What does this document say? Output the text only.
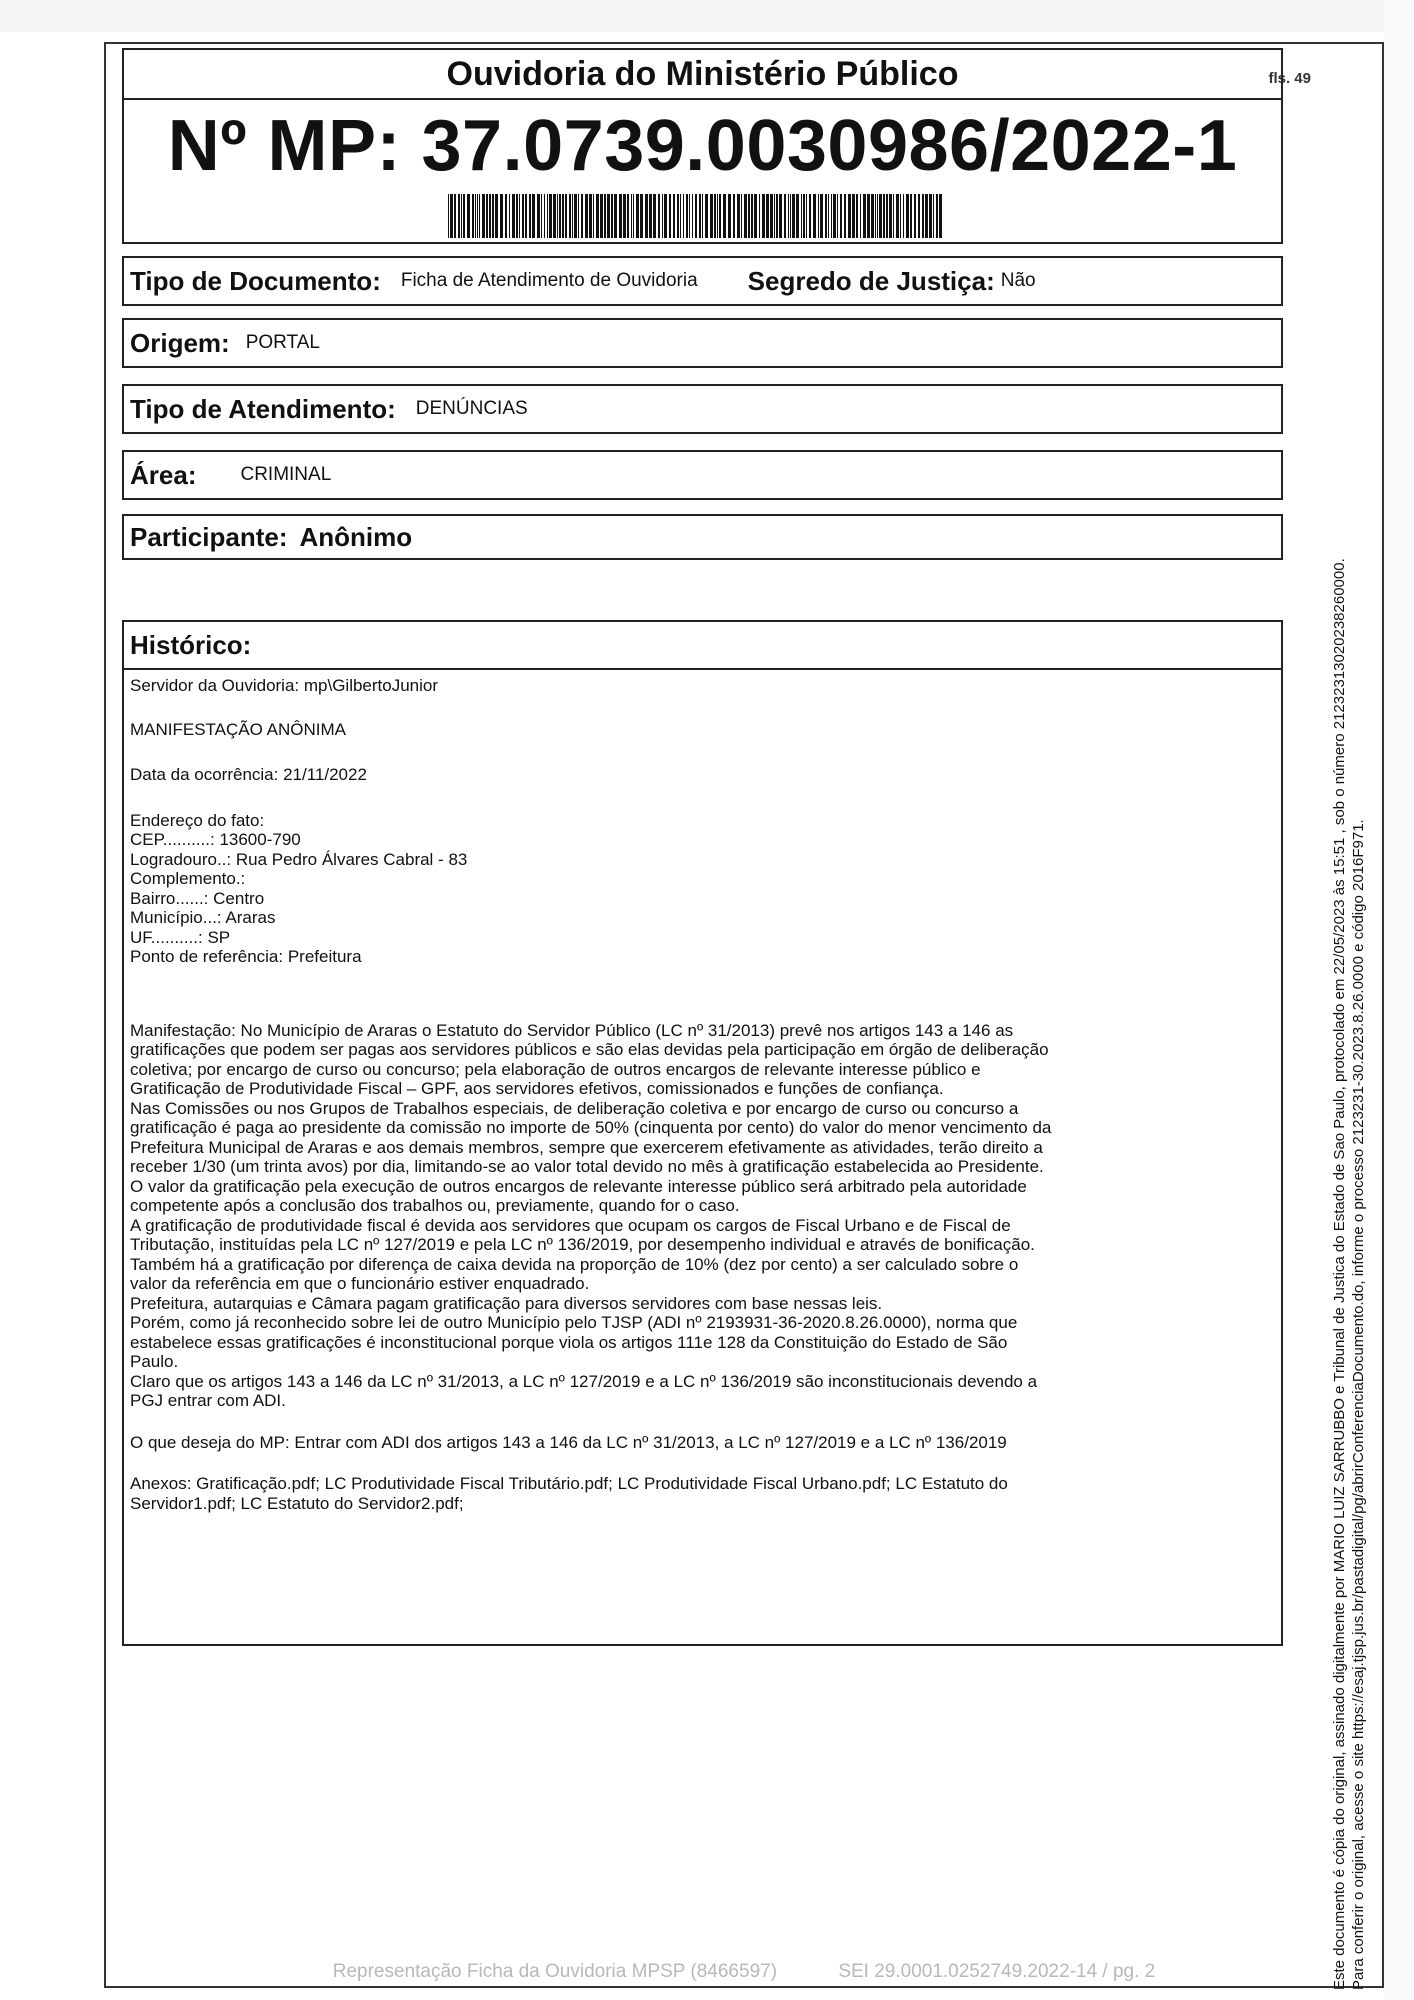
Ouvidoria do Ministério Público	fls. 49
Nº MP: 37.0739.0030986/2022-1
Tipo de Documento: Ficha de Atendimento de Ouvidoria Segredo de Justiça: Não
Origem: PORTAL
Tipo de Atendimento: DENÚNCIAS
Área: CRIMINAL
Participante: Anônimo
Histórico:

Servidor da Ouvidoria: mp\GilbertoJunior

MANIFESTAÇÃO ANÔNIMA

Data da ocorrência: 21/11/2022

Endereço do fato:
CEP..........: 13600-790
Logradouro..: Rua Pedro Álvares Cabral - 83
Complemento.:
Bairro......: Centro
Município...: Araras
UF..........: SP
Ponto de referência: Prefeitura
Manifestação: No Município de Araras o Estatuto do Servidor Público (LC nº 31/2013) prevê nos artigos 143 a 146 as
gratificações que podem ser pagas aos servidores públicos e são elas devidas pela participação em órgão de deliberação
coletiva; por encargo de curso ou concurso; pela elaboração de outros encargos de relevante interesse público e
Gratificação de Produtividade Fiscal – GPF, aos servidores efetivos, comissionados e funções de confiança.
Nas Comissões ou nos Grupos de Trabalhos especiais, de deliberação coletiva e por encargo de curso ou concurso a
gratificação é paga ao presidente da comissão no importe de 50% (cinquenta por cento) do valor do menor vencimento da
Prefeitura Municipal de Araras e aos demais membros, sempre que exercerem efetivamente as atividades, terão direito a
receber 1/30 (um trinta avos) por dia, limitando-se ao valor total devido no mês à gratificação estabelecida ao Presidente.
O valor da gratificação pela execução de outros encargos de relevante interesse público será arbitrado pela autoridade
competente após a conclusão dos trabalhos ou, previamente, quando for o caso.
A gratificação de produtividade fiscal é devida aos servidores que ocupam os cargos de Fiscal Urbano e de Fiscal de
Tributação, instituídas pela LC nº 127/2019 e pela LC nº 136/2019, por desempenho individual e através de bonificação.
Também há a gratificação por diferença de caixa devida na proporção de 10% (dez por cento) a ser calculado sobre o
valor da referência em que o funcionário estiver enquadrado.
Prefeitura, autarquias e Câmara pagam gratificação para diversos servidores com base nessas leis.
Porém, como já reconhecido sobre lei de outro Município pelo TJSP (ADI nº 2193931-36-2020.8.26.0000), norma que
estabelece essas gratificações é inconstitucional porque viola os artigos 111e 128 da Constituição do Estado de São
Paulo.
Claro que os artigos 143 a 146 da LC nº 31/2013, a LC nº 127/2019 e a LC nº 136/2019 são inconstitucionais devendo a
PGJ entrar com ADI.

O que deseja do MP: Entrar com ADI dos artigos 143 a 146 da LC nº 31/2013, a LC nº 127/2019 e a LC nº 136/2019

Anexos: Gratificação.pdf; LC Produtividade Fiscal Tributário.pdf; LC Produtividade Fiscal Urbano.pdf; LC Estatuto do
Servidor1.pdf; LC Estatuto do Servidor2.pdf;
Representação Ficha da Ouvidoria MPSP (8466597)	SEI 29.0001.0252749.2022-14 / pg. 2	Este documento é cópia do original, assinado digitalmente por MARIO LUIZ SARRUBBO e Tribunal de Justica do Estado de Sao Paulo, protocolado em 22/05/2023 às 15:51 , sob o número 21232313020238260000. Para conferir o original, acesse o site https://esaj.tjsp.jus.br/pastadigital/pg/abrirConferenciaDocumento.do, informe o processo 2123231-30.2023.8.26.0000 e código 2016F971.
